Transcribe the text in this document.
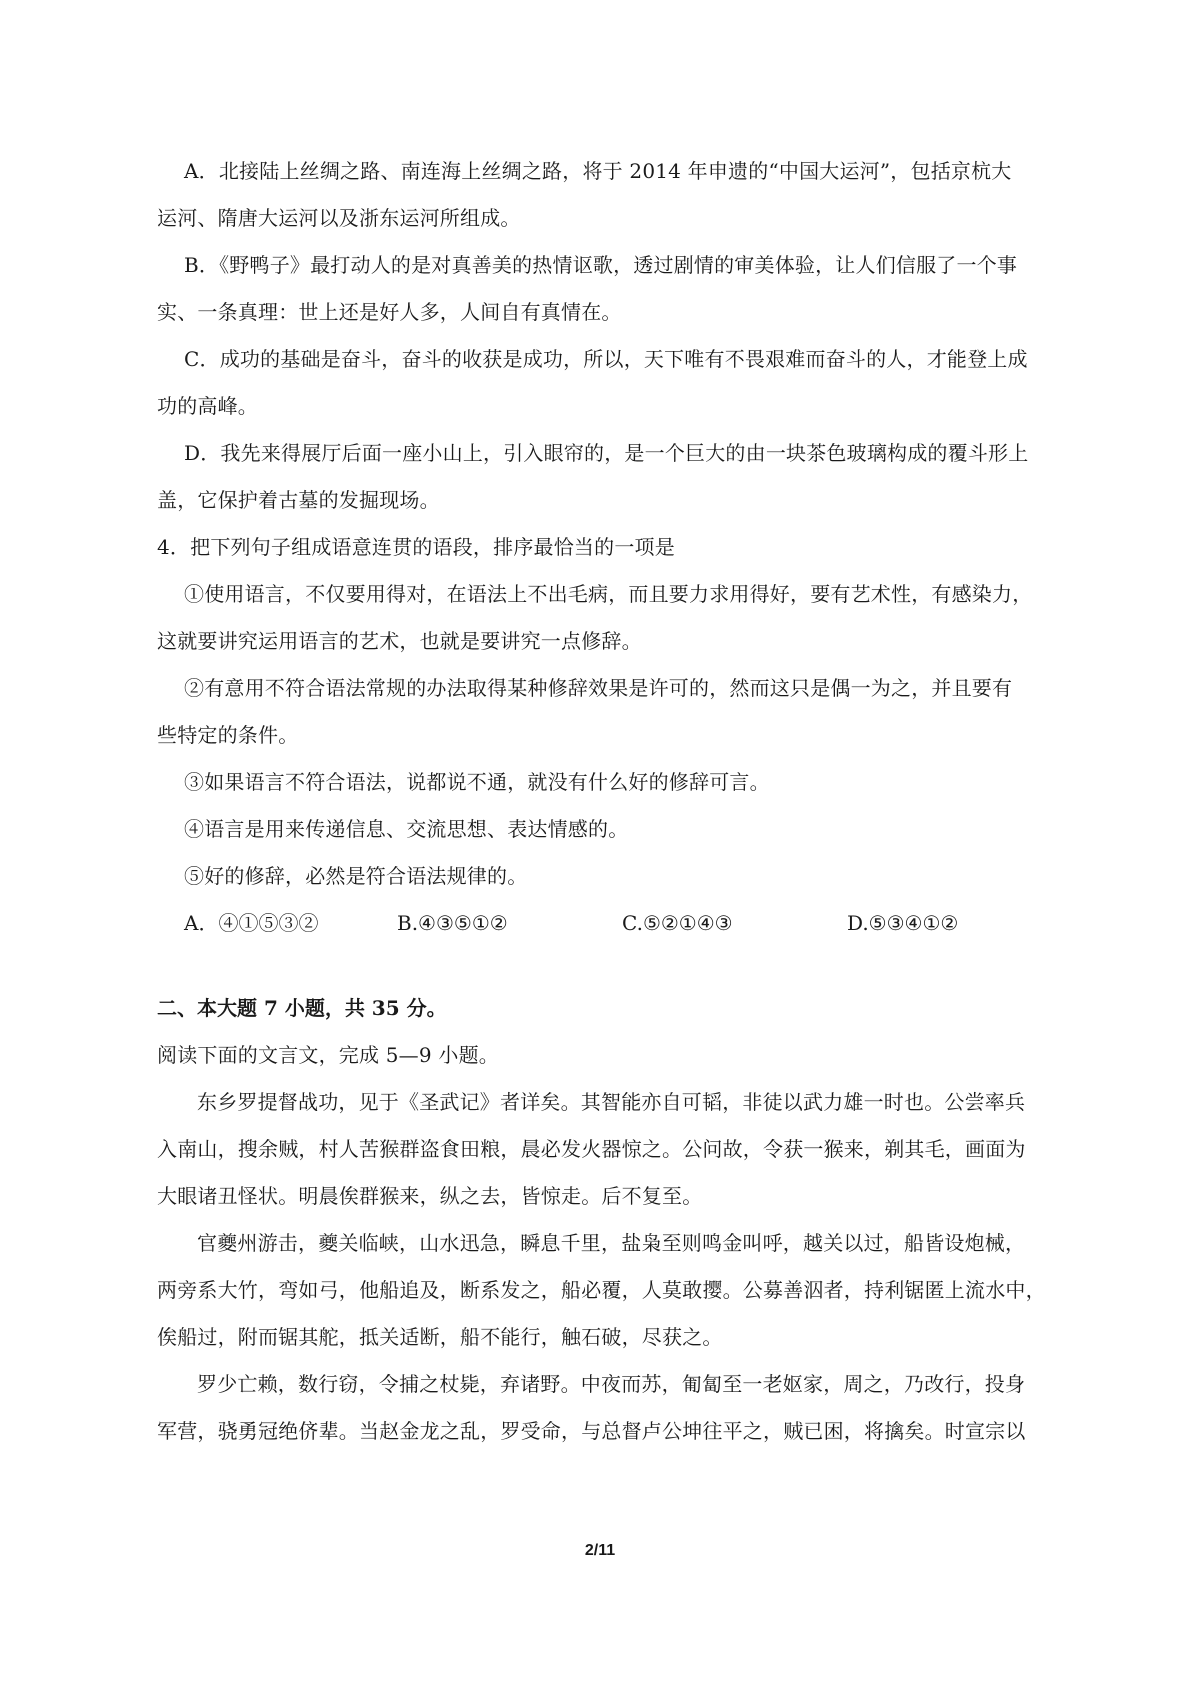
A．北接陆上丝绸之路、南连海上丝绸之路，将于 2014 年申遗的“中国大运河”，包括京杭大
运河、隋唐大运河以及浙东运河所组成。
B．《野鸭子》最打动人的是对真善美的热情讴歌，透过剧情的审美体验，让人们信服了一个事
实、一条真理：世上还是好人多，人间自有真情在。
C．成功的基础是奋斗，奋斗的收获是成功，所以，天下唯有不畏艰难而奋斗的人，才能登上成
功的高峰。
D．我先来得展厅后面一座小山上，引入眼帘的，是一个巨大的由一块茶色玻璃构成的覆斗形上
盖，它保护着古墓的发掘现场。
4．把下列句子组成语意连贯的语段，排序最恰当的一项是
①使用语言，不仅要用得对，在语法上不出毛病，而且要力求用得好，要有艺术性，有感染力，
这就要讲究运用语言的艺术，也就是要讲究一点修辞。
②有意用不符合语法常规的办法取得某种修辞效果是许可的，然而这只是偶一为之，并且要有
些特定的条件。
③如果语言不符合语法，说都说不通，就没有什么好的修辞可言。
④语言是用来传递信息、交流思想、表达情感的。
⑤好的修辞，必然是符合语法规律的。
A．④①⑤③②	B.④③⑤①②	C.⑤②①④③	D.⑤③④①②
二、本大题 7 小题，共 35 分。
阅读下面的文言文，完成 5—9 小题。
东乡罗提督战功，见于《圣武记》者详矣。其智能亦自可韬，非徒以武力雄一时也。公尝率兵
入南山，搜余贼，村人苦猴群盗食田粮，晨必发火器惊之。公问故，令获一猴来，剃其毛，画面为
大眼诸丑怪状。明晨俟群猴来，纵之去，皆惊走。后不复至。
官夔州游击，夔关临峡，山水迅急，瞬息千里，盐枭至则鸣金叫呼，越关以过，船皆设炮械，
两旁系大竹，弯如弓，他船追及，断系发之，船必覆，人莫敢撄。公募善泅者，持利锯匿上流水中，
俟船过，附而锯其舵，抵关适断，船不能行，触石破，尽获之。
罗少亡赖，数行窃，令捕之杖毙，弃诸野。中夜而苏，匍匐至一老妪家，周之，乃改行，投身
军营，骁勇冠绝侪辈。当赵金龙之乱，罗受命，与总督卢公坤往平之，贼已困，将擒矣。时宣宗以
2/11
